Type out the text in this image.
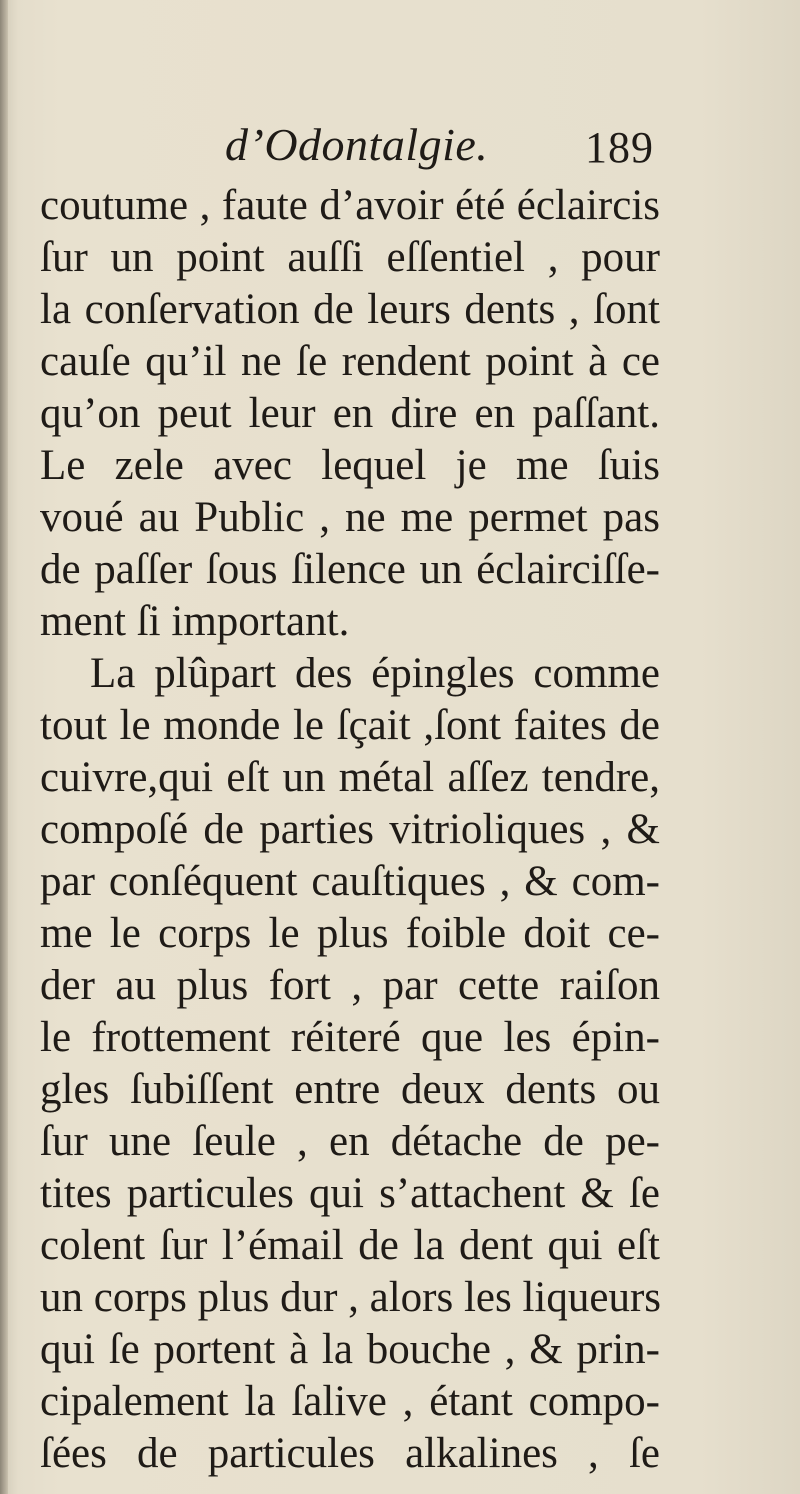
d’Odontalgie. 189
coutume , faute d’avoir été éclaircis
ſur un point auſſi eſſentiel , pour
la conſervation de leurs dents , ſont
cauſe qu’il ne ſe rendent point à ce
qu’on peut leur en dire en paſſant.
Le zele avec lequel je me ſuis
voué au Public , ne me permet pas
de paſſer ſous ſilence un éclairciſſe-
ment ſi important.
La plûpart des épingles comme
tout le monde le ſçait ,ſont faites de
cuivre,qui eſt un métal aſſez tendre,
compoſé de parties vitrioliques , &
par conſéquent cauſtiques , & com-
me le corps le plus foible doit ce-
der au plus fort , par cette raiſon
le frottement réiteré que les épin-
gles ſubiſſent entre deux dents ou
ſur une ſeule , en détache de pe-
tites particules qui s’attachent & ſe
colent ſur l’émail de la dent qui eſt
un corps plus dur , alors les liqueurs
qui ſe portent à la bouche , & prin-
cipalement la ſalive , étant compo-
ſées de particules alkalines , ſe
